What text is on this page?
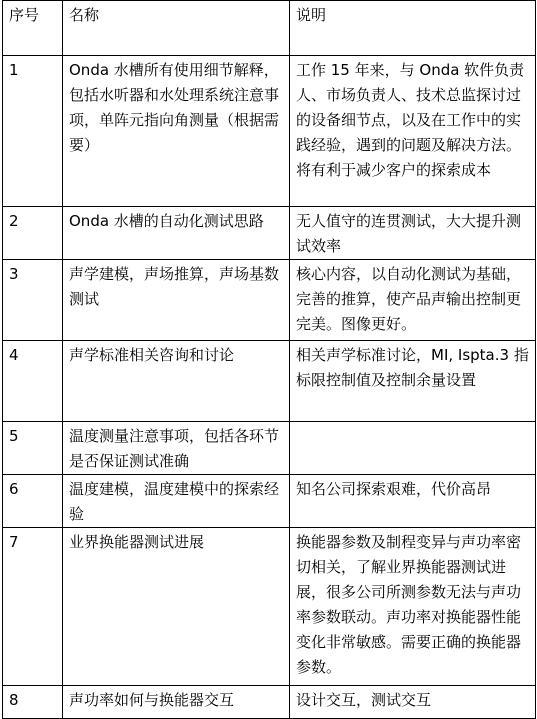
序号	名称	说明
1	Onda 水槽所有使用细节解释，包括水听器和水处理系统注意事项，单阵元指向角测量（根据需要）	工作 15 年来，与 Onda 软件负责人、市场负责人、技术总监探讨过的设备细节点，以及在工作中的实践经验，遇到的问题及解决方法。将有利于减少客户的探索成本
2	Onda 水槽的自动化测试思路	无人值守的连贯测试，大大提升测试效率
3	声学建模，声场推算，声场基数测试	核心内容，以自动化测试为基础，完善的推算，使产品声输出控制更完美。图像更好。
4	声学标准相关咨询和讨论	相关声学标准讨论，MI, Ispta.3 指标限控制值及控制余量设置
5	温度测量注意事项，包括各环节是否保证测试准确	
6	温度建模，温度建模中的探索经验	知名公司探索艰难，代价高昂
7	业界换能器测试进展	换能器参数及制程变异与声功率密切相关，了解业界换能器测试进展，很多公司所测参数无法与声功率参数联动。声功率对换能器性能变化非常敏感。需要正确的换能器参数。
8	声功率如何与换能器交互	设计交互，测试交互
